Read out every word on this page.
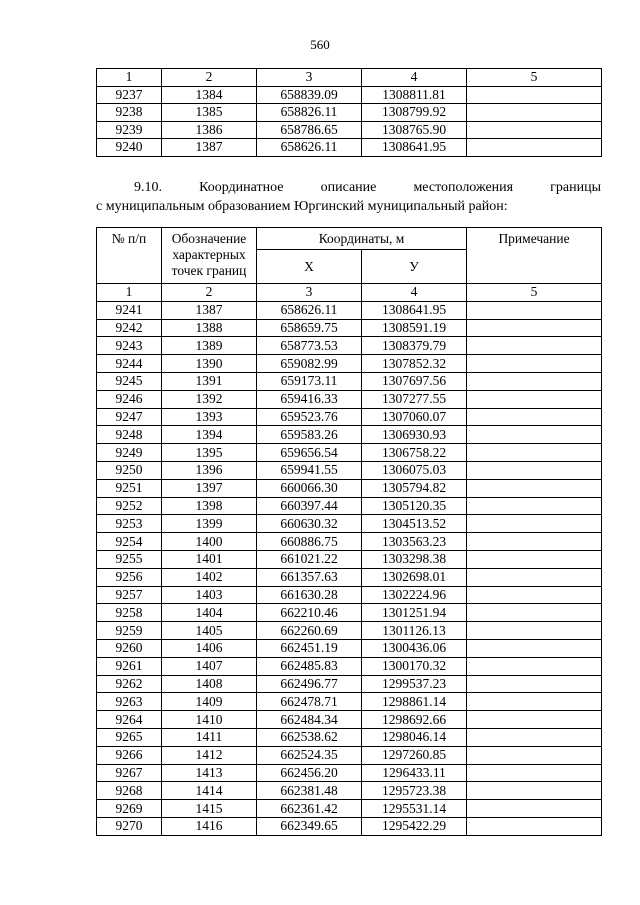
560
1	2	3	4	5
9237	1384	658839.09	1308811.81	
9238	1385	658826.11	1308799.92	
9239	1386	658786.65	1308765.90	
9240	1387	658626.11	1308641.95	
9.10.	Координатное	описание	местоположения	границы
с муниципальным образованием Юргинский муниципальный район:
№ п/п	Обозначение характерных точек границ	Координаты, м		Примечание
		Х	У	
1	2	3	4	5
9241	1387	658626.11	1308641.95	
9242	1388	658659.75	1308591.19	
9243	1389	658773.53	1308379.79	
9244	1390	659082.99	1307852.32	
9245	1391	659173.11	1307697.56	
9246	1392	659416.33	1307277.55	
9247	1393	659523.76	1307060.07	
9248	1394	659583.26	1306930.93	
9249	1395	659656.54	1306758.22	
9250	1396	659941.55	1306075.03	
9251	1397	660066.30	1305794.82	
9252	1398	660397.44	1305120.35	
9253	1399	660630.32	1304513.52	
9254	1400	660886.75	1303563.23	
9255	1401	661021.22	1303298.38	
9256	1402	661357.63	1302698.01	
9257	1403	661630.28	1302224.96	
9258	1404	662210.46	1301251.94	
9259	1405	662260.69	1301126.13	
9260	1406	662451.19	1300436.06	
9261	1407	662485.83	1300170.32	
9262	1408	662496.77	1299537.23	
9263	1409	662478.71	1298861.14	
9264	1410	662484.34	1298692.66	
9265	1411	662538.62	1298046.14	
9266	1412	662524.35	1297260.85	
9267	1413	662456.20	1296433.11	
9268	1414	662381.48	1295723.38	
9269	1415	662361.42	1295531.14	
9270	1416	662349.65	1295422.29	
